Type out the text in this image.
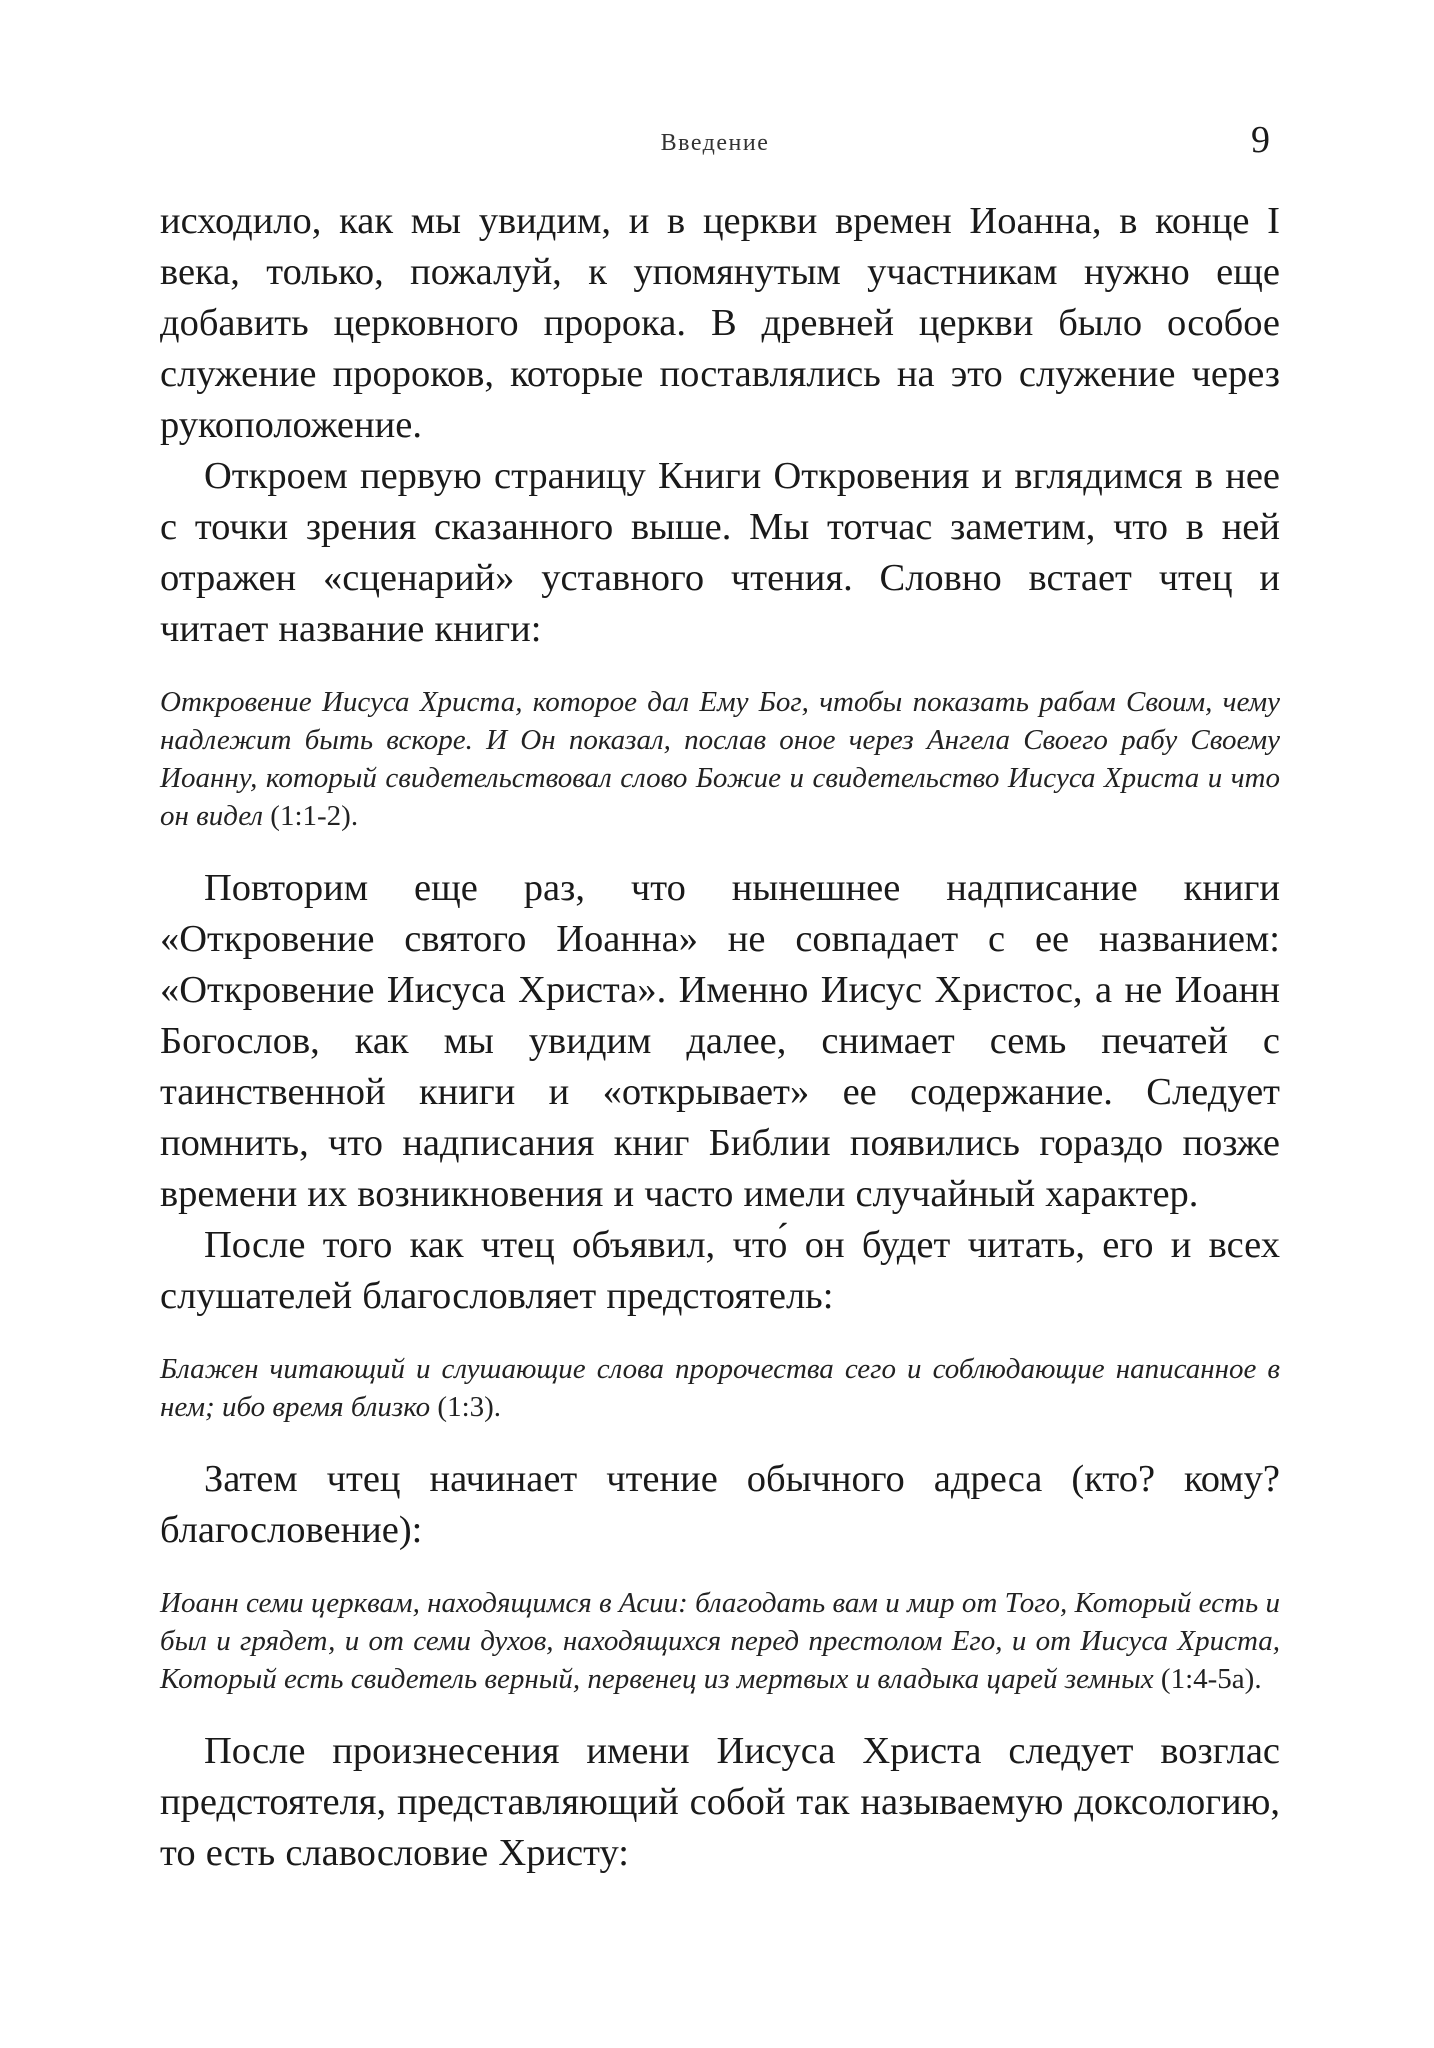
Введение	9

исходило, как мы увидим, и в церкви времен Иоанна, в конце I века, только, пожалуй, к упомянутым участникам нужно еще добавить церковного пророка. В древней церкви было особое служение пророков, которые поставлялись на это служение через рукоположение.

Откроем первую страницу Книги Откровения и вглядимся в нее с точки зрения сказанного выше. Мы тотчас заметим, что в ней отражен «сценарий» уставного чтения. Словно встает чтец и читает название книги:

Откровение Иисуса Христа, которое дал Ему Бог, чтобы показать рабам Своим, чему надлежит быть вскоре. И Он показал, послав оное через Ангела Своего рабу Своему Иоанну, который свидетельствовал слово Божие и свидетельство Иисуса Христа и что он видел (1:1-2).

Повторим еще раз, что нынешнее надписание книги «Откровение святого Иоанна» не совпадает с ее названием: «Откровение Иисуса Христа». Именно Иисус Христос, а не Иоанн Богослов, как мы увидим далее, снимает семь печатей с таинственной книги и «открывает» ее содержание. Следует помнить, что надписания книг Библии появились гораздо позже времени их возникновения и часто имели случайный характер.

После того как чтец объявил, что́ он будет читать, его и всех слушателей благословляет предстоятель:

Блажен читающий и слушающие слова пророчества сего и соблюдающие написанное в нем; ибо время близко (1:3).

Затем чтец начинает чтение обычного адреса (кто? кому? благословение):

Иоанн семи церквам, находящимся в Асии: благодать вам и мир от Того, Который есть и был и грядет, и от семи духов, находящихся перед престолом Его, и от Иисуса Христа, Который есть свидетель верный, первенец из мертвых и владыка царей земных (1:4-5a).

После произнесения имени Иисуса Христа следует возглас предстоятеля, представляющий собой так называемую доксологию, то есть славословие Христу:
